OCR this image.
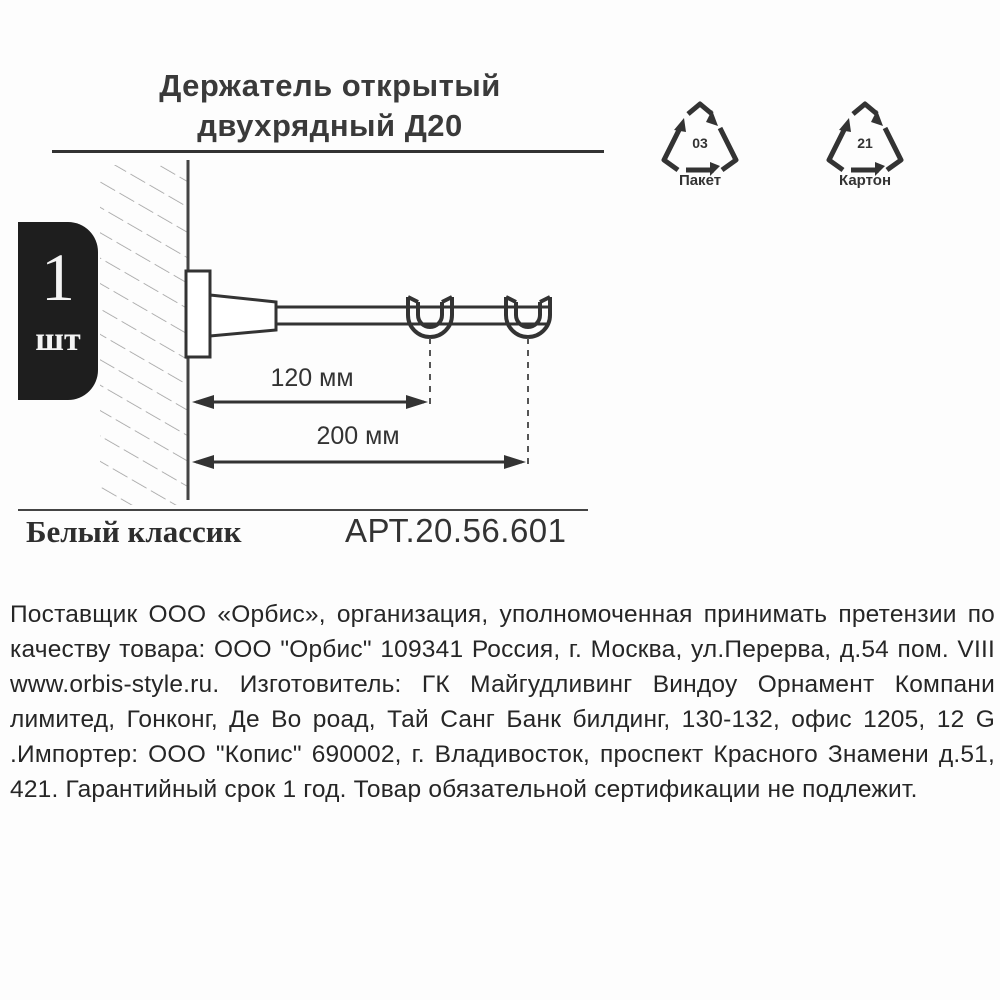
Держатель открытый
двухрядный Д20	03
Пакет
21
Картон
1
шт
120 мм
200 мм
Белый классик	АРТ.20.56.601
Поставщик ООО «Орбис», организация, уполномоченная принимать претензии по качеству товара: ООО "Орбис" 109341 Россия, г. Москва, ул.Перерва, д.54 пом. VIII www.orbis-style.ru. Изготовитель: ГК Майгудливинг Виндоу Орнамент Компани лимитед, Гонконг, Де Во роад, Тай Санг Банк билдинг, 130-132, офис 1205, 12 G .Импортер: ООО "Копис" 690002, г. Владивосток, проспект Красного Знамени д.51, 421. Гарантийный срок 1 год. Товар обязательной сертификации не подлежит.
